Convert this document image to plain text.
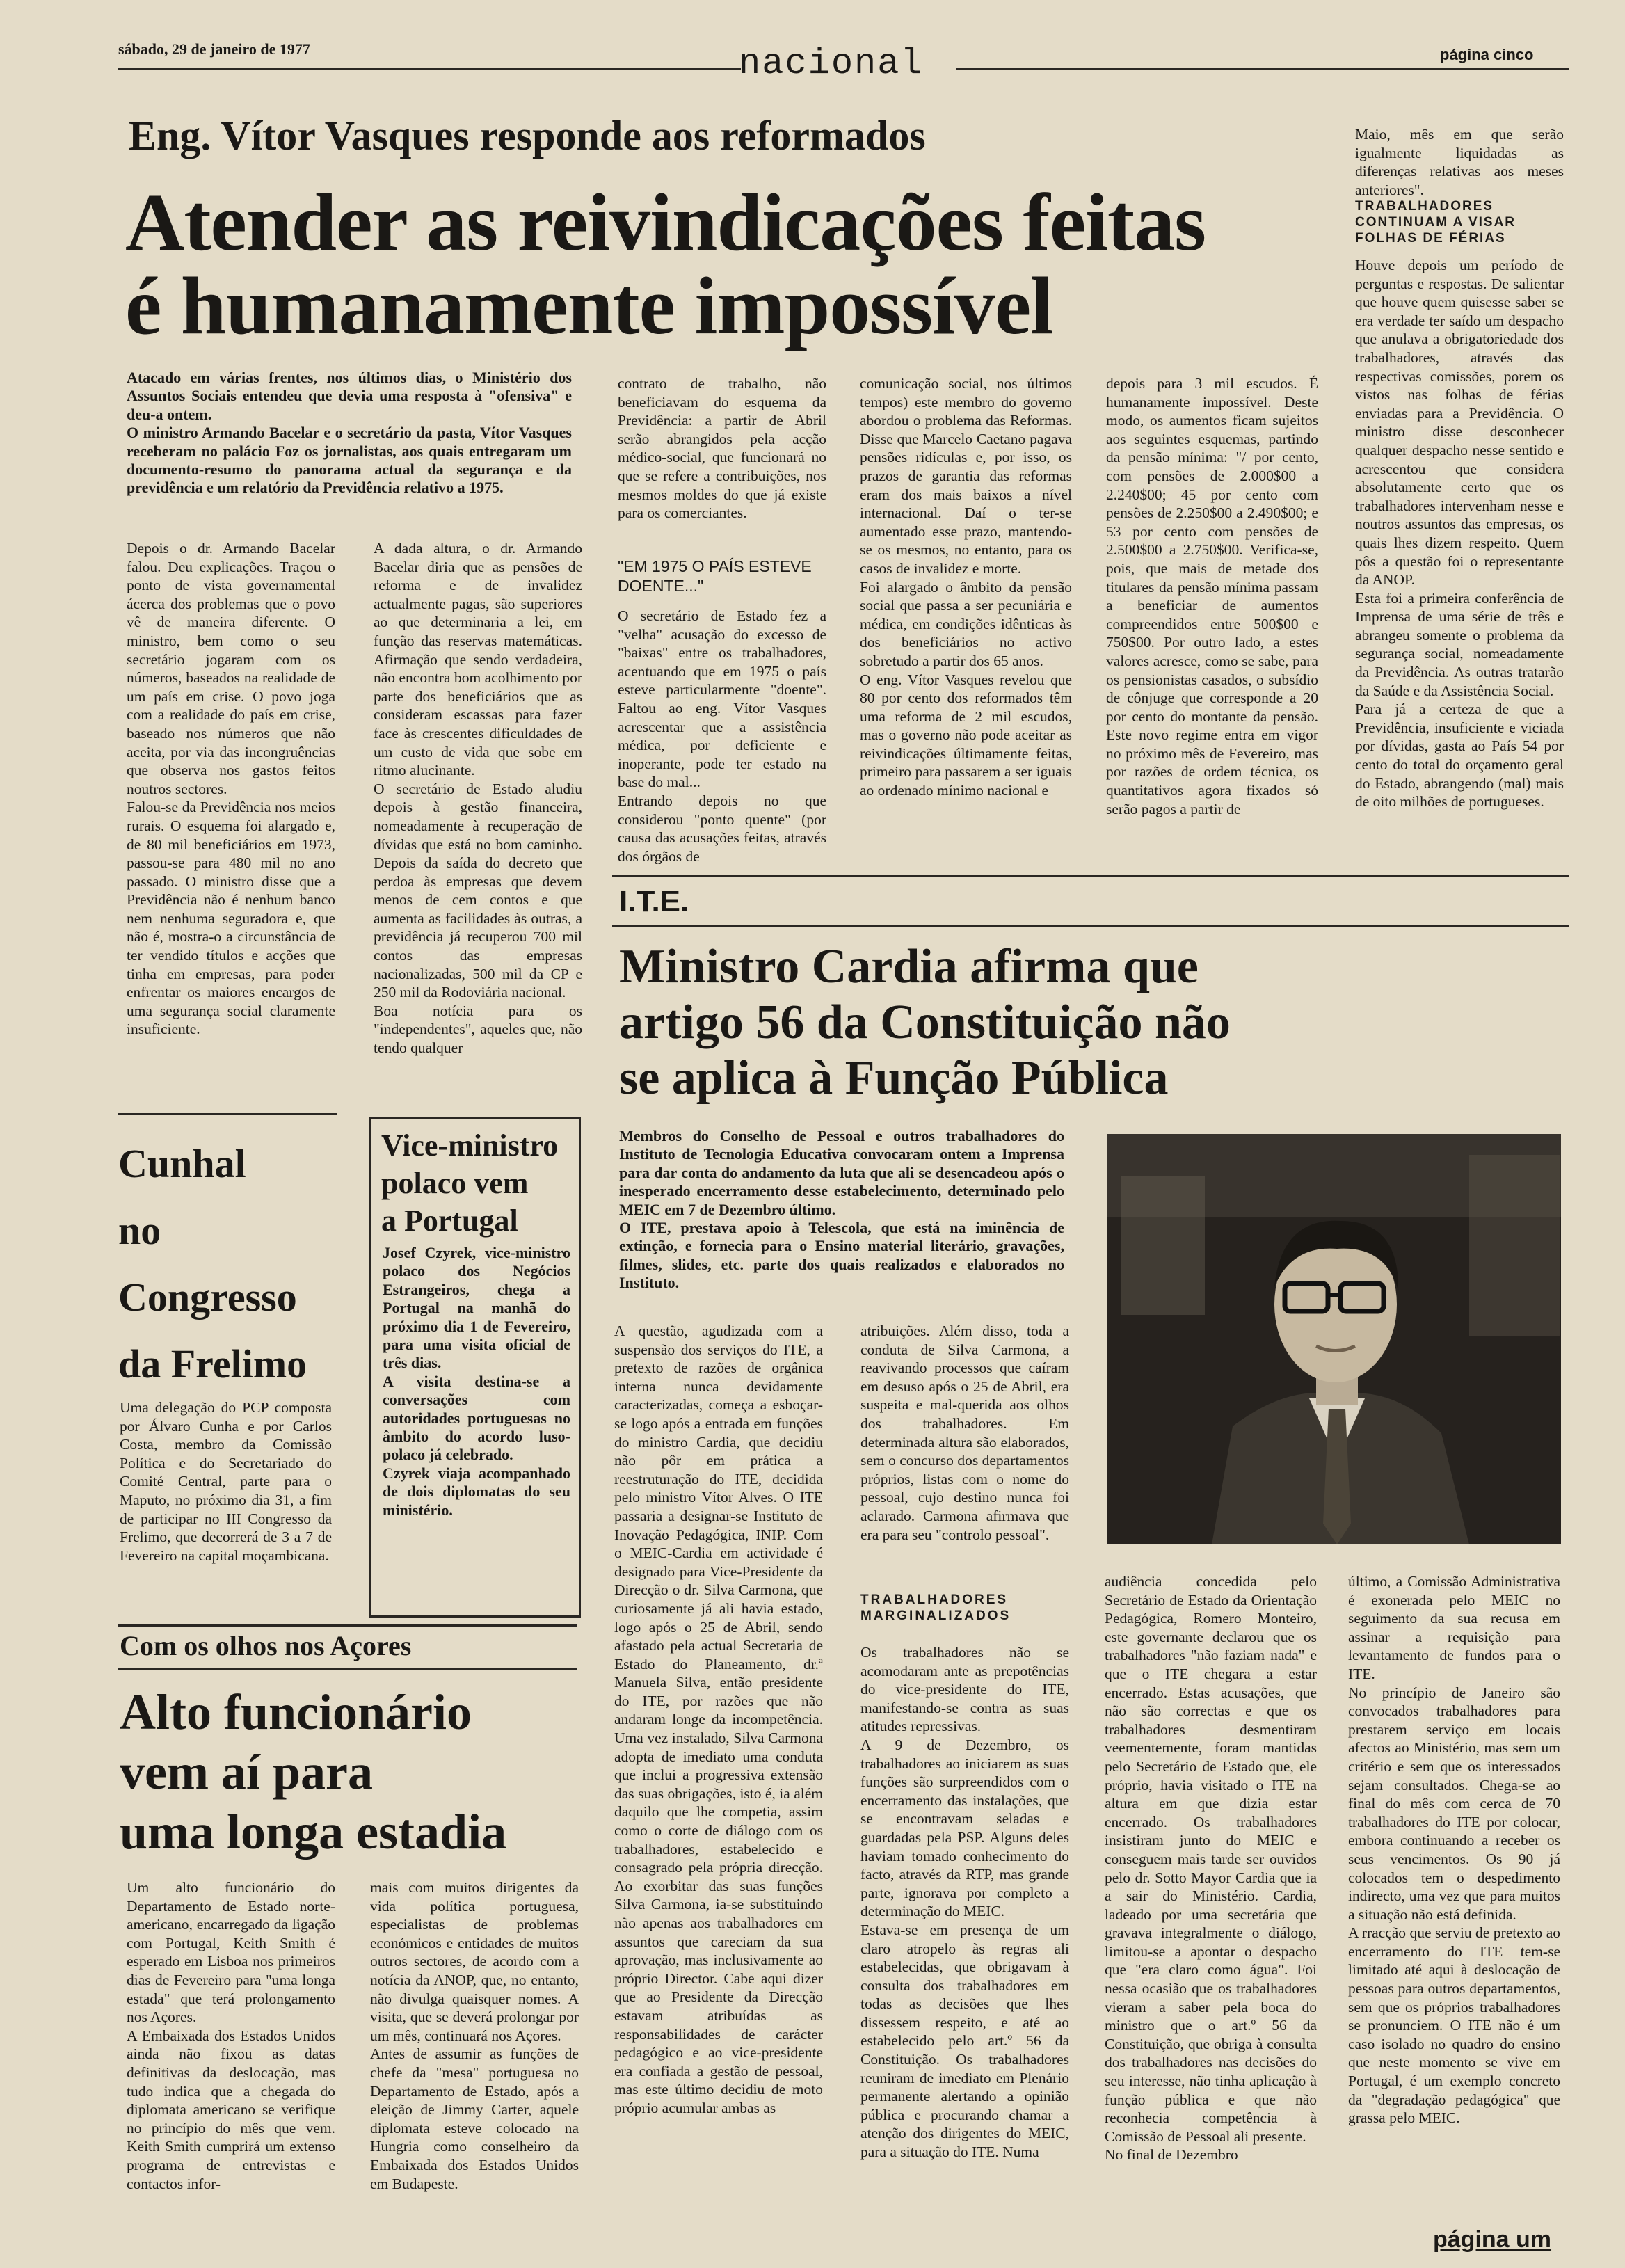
sábado, 29 de janeiro de 1977	nacional	página cinco
Eng. Vítor Vasques responde aos reformados
Atender as reivindicações feitas
é humanamente impossível
Atacado em várias frentes, nos últimos dias, o Ministério dos Assuntos Sociais entendeu que devia uma resposta à "ofensiva" e deu-a ontem.
O ministro Armando Bacelar e o secretário da pasta, Vítor Vasques receberam no palácio Foz os jornalistas, aos quais entregaram um documento-resumo do panorama actual da segurança e da previdência e um relatório da Previdência relativo a 1975.
Depois o dr. Armando Bacelar falou. Deu explicações. Traçou o ponto de vista governamental ácerca dos problemas que o povo vê de maneira diferente. O ministro, bem como o seu secretário jogaram com os números, baseados na realidade de um país em crise. O povo joga com a realidade do país em crise, baseado nos números que não aceita, por via das incongruências que observa nos gastos feitos noutros sectores.
Falou-se da Previdência nos meios rurais. O esquema foi alargado e, de 80 mil beneficiários em 1973, passou-se para 480 mil no ano passado. O ministro disse que a Previdência não é nenhum banco nem nenhuma seguradora e, que não é, mostra-o a circunstância de ter vendido títulos e acções que tinha em empresas, para poder enfrentar os maiores encargos de uma segurança social claramente insuficiente.
A dada altura, o dr. Armando Bacelar diria que as pensões de reforma e de invalidez actualmente pagas, são superiores ao que determinaria a lei, em função das reservas matemáticas. Afirmação que sendo verdadeira, não encontra bom acolhimento por parte dos beneficiários que as consideram escassas para fazer face às crescentes dificuldades de um custo de vida que sobe em ritmo alucinante.
O secretário de Estado aludiu depois à gestão financeira, nomeadamente à recuperação de dívidas que está no bom caminho. Depois da saída do decreto que perdoa às empresas que devem menos de cem contos e que aumenta as facilidades às outras, a previdência já recuperou 700 mil contos das empresas nacionalizadas, 500 mil da CP e 250 mil da Rodoviária nacional.
Boa notícia para os "independentes", aqueles que, não tendo qualquer
contrato de trabalho, não beneficiavam do esquema da Previdência: a partir de Abril serão abrangidos pela acção médico-social, que funcionará no que se refere a contribuições, nos mesmos moldes do que já existe para os comerciantes.
"EM 1975 O PAÍS ESTEVE DOENTE..."
O secretário de Estado fez a "velha" acusação do excesso de "baixas" entre os trabalhadores, acentuando que em 1975 o país esteve particularmente "doente". Faltou ao eng. Vítor Vasques acrescentar que a assistência médica, por deficiente e inoperante, pode ter estado na base do mal...
Entrando depois no que considerou "ponto quente" (por causa das acusações feitas, através dos órgãos de
comunicação social, nos últimos tempos) este membro do governo abordou o problema das Reformas. Disse que Marcelo Caetano pagava pensões ridículas e, por isso, os prazos de garantia das reformas eram dos mais baixos a nível internacional. Daí o ter-se aumentado esse prazo, mantendo-se os mesmos, no entanto, para os casos de invalidez e morte.
Foi alargado o âmbito da pensão social que passa a ser pecuniária e médica, em condições idênticas às dos beneficiários no activo sobretudo a partir dos 65 anos.
O eng. Vítor Vasques revelou que 80 por cento dos reformados têm uma reforma de 2 mil escudos, mas o governo não pode aceitar as reivindicações últimamente feitas, primeiro para passarem a ser iguais ao ordenado mínimo nacional e
depois para 3 mil escudos. É humanamente impossível. Deste modo, os aumentos ficam sujeitos aos seguintes esquemas, partindo da pensão mínima: "/ por cento, com pensões de 2.000$00 a 2.240$00; 45 por cento com pensões de 2.250$00 a 2.490$00; e 53 por cento com pensões de 2.500$00 a 2.750$00. Verifica-se, pois, que mais de metade dos titulares da pensão mínima passam a beneficiar de aumentos compreendidos entre 500$00 e 750$00. Por outro lado, a estes valores acresce, como se sabe, para os pensionistas casados, o subsídio de cônjuge que corresponde a 20 por cento do montante da pensão. Este novo regime entra em vigor no próximo mês de Fevereiro, mas por razões de ordem técnica, os quantitativos agora fixados só serão pagos a partir de
Maio, mês em que serão igualmente liquidadas as diferenças relativas aos meses anteriores".
TRABALHADORES CONTINUAM A VISAR FOLHAS DE FÉRIAS
Houve depois um período de perguntas e respostas. De salientar que houve quem quisesse saber se era verdade ter saído um despacho que anulava a obrigatoriedade dos trabalhadores, através das respectivas comissões, porem os vistos nas folhas de férias enviadas para a Previdência. O ministro disse desconhecer qualquer despacho nesse sentido e acrescentou que considera absolutamente certo que os trabalhadores intervenham nesse e noutros assuntos das empresas, os quais lhes dizem respeito. Quem pôs a questão foi o representante da ANOP.
Esta foi a primeira conferência de Imprensa de uma série de três e abrangeu somente o problema da segurança social, nomeadamente da Previdência. As outras tratarão da Saúde e da Assistência Social.
Para já a certeza de que a Previdência, insuficiente e viciada por dívidas, gasta ao País 54 por cento do total do orçamento geral do Estado, abrangendo (mal) mais de oito milhões de portugueses.
Cunhal
no
Congresso
da Frelimo
Uma delegação do PCP composta por Álvaro Cunha e por Carlos Costa, membro da Comissão Política e do Secretariado do Comité Central, parte para o Maputo, no próximo dia 31, a fim de participar no III Congresso da Frelimo, que decorrerá de 3 a 7 de Fevereiro na capital moçambicana.
Vice-ministro
polaco vem
a Portugal
Josef Czyrek, vice-ministro polaco dos Negócios Estrangeiros, chega a Portugal na manhã do próximo dia 1 de Fevereiro, para uma visita oficial de três dias.
A visita destina-se a conversações com autoridades portuguesas no âmbito do acordo luso-polaco já celebrado.
Czyrek viaja acompanhado de dois diplomatas do seu ministério.
Com os olhos nos Açores
Alto funcionário
vem aí para
uma longa estadia
Um alto funcionário do Departamento de Estado norte-americano, encarregado da ligação com Portugal, Keith Smith é esperado em Lisboa nos primeiros dias de Fevereiro para "uma longa estada" que terá prolongamento nos Açores.
A Embaixada dos Estados Unidos ainda não fixou as datas definitivas da deslocação, mas tudo indica que a chegada do diplomata americano se verifique no princípio do mês que vem. Keith Smith cumprirá um extenso programa de entrevistas e contactos infor-
mais com muitos dirigentes da vida política portuguesa, especialistas de problemas económicos e entidades de muitos outros sectores, de acordo com a notícia da ANOP, que, no entanto, não divulga quaisquer nomes. A visita, que se deverá prolongar por um mês, continuará nos Açores.
Antes de assumir as funções de chefe da "mesa" portuguesa no Departamento de Estado, após a eleição de Jimmy Carter, aquele diplomata esteve colocado na Hungria como conselheiro da Embaixada dos Estados Unidos em Budapeste.
I.T.E.
Ministro Cardia afirma que
artigo 56 da Constituição não
se aplica à Função Pública
Membros do Conselho de Pessoal e outros trabalhadores do Instituto de Tecnologia Educativa convocaram ontem a Imprensa para dar conta do andamento da luta que ali se desencadeou após o inesperado encerramento desse estabelecimento, determinado pelo MEIC em 7 de Dezembro último.
O ITE, prestava apoio à Telescola, que está na iminência de extinção, e fornecia para o Ensino material literário, gravações, filmes, slides, etc. parte dos quais realizados e elaborados no Instituto.
A questão, agudizada com a suspensão dos serviços do ITE, a pretexto de razões de orgânica interna nunca devidamente caracterizadas, começa a esboçar-se logo após a entrada em funções do ministro Cardia, que decidiu não pôr em prática a reestruturação do ITE, decidida pelo ministro Vítor Alves. O ITE passaria a designar-se Instituto de Inovação Pedagógica, INIP. Com o MEIC-Cardia em actividade é designado para Vice-Presidente da Direcção o dr. Silva Carmona, que curiosamente já ali havia estado, logo após o 25 de Abril, sendo afastado pela actual Secretaria de Estado do Planeamento, dr.ª Manuela Silva, então presidente do ITE, por razões que não andaram longe da incompetência. Uma vez instalado, Silva Carmona adopta de imediato uma conduta que inclui a progressiva extensão das suas obrigações, isto é, ia além daquilo que lhe competia, assim como o corte de diálogo com os trabalhadores, estabelecido e consagrado pela própria direcção. Ao exorbitar das suas funções Silva Carmona, ia-se substituindo não apenas aos trabalhadores em assuntos que careciam da sua aprovação, mas inclusivamente ao próprio Director. Cabe aqui dizer que ao Presidente da Direcção estavam atribuídas as responsabilidades de carácter pedagógico e ao vice-presidente era confiada a gestão de pessoal, mas este último decidiu de moto próprio acumular ambas as
atribuições. Além disso, toda a conduta de Silva Carmona, a reavivando processos que caíram em desuso após o 25 de Abril, era suspeita e mal-querida aos olhos dos trabalhadores. Em determinada altura são elaborados, sem o concurso dos departamentos próprios, listas com o nome do pessoal, cujo destino nunca foi aclarado. Carmona afirmava que era para seu "controlo pessoal".
TRABALHADORES
MARGINALIZADOS
Os trabalhadores não se acomodaram ante as prepotências do vice-presidente do ITE, manifestando-se contra as suas atitudes repressivas.
A 9 de Dezembro, os trabalhadores ao iniciarem as suas funções são surpreendidos com o encerramento das instalações, que se encontravam seladas e guardadas pela PSP. Alguns deles haviam tomado conhecimento do facto, através da RTP, mas grande parte, ignorava por completo a determinação do MEIC.
Estava-se em presença de um claro atropelo às regras ali estabelecidas, que obrigavam à consulta dos trabalhadores em todas as decisões que lhes dissessem respeito, e até ao estabelecido pelo art.º 56 da Constituição. Os trabalhadores reuniram de imediato em Plenário permanente alertando a opinião pública e procurando chamar a atenção dos dirigentes do MEIC, para a situação do ITE. Numa
audiência concedida pelo Secretário de Estado da Orientação Pedagógica, Romero Monteiro, este governante declarou que os trabalhadores "não faziam nada" e que o ITE chegara a estar encerrado. Estas acusações, que não são correctas e que os trabalhadores desmentiram veementemente, foram mantidas pelo Secretário de Estado que, ele próprio, havia visitado o ITE na altura em que dizia estar encerrado. Os trabalhadores insistiram junto do MEIC e conseguem mais tarde ser ouvidos pelo dr. Sotto Mayor Cardia que ia a sair do Ministério. Cardia, ladeado por uma secretária que gravava integralmente o diálogo, limitou-se a apontar o despacho que "era claro como água". Foi nessa ocasião que os trabalhadores vieram a saber pela boca do ministro que o art.º 56 da Constituição, que obriga à consulta dos trabalhadores nas decisões do seu interesse, não tinha aplicação à função pública e que não reconhecia competência à Comissão de Pessoal ali presente.
No final de Dezembro
último, a Comissão Administrativa é exonerada pelo MEIC no seguimento da sua recusa em assinar a requisição para levantamento de fundos para o ITE.
No princípio de Janeiro são convocados trabalhadores para prestarem serviço em locais afectos ao Ministério, mas sem um critério e sem que os interessados sejam consultados. Chega-se ao final do mês com cerca de 70 trabalhadores do ITE por colocar, embora continuando a receber os seus vencimentos. Os 90 já colocados tem o despedimento indirecto, uma vez que para muitos a situação não está definida.
A rracção que serviu de pretexto ao encerramento do ITE tem-se limitado até aqui à deslocação de pessoas para outros departamentos, sem que os próprios trabalhadores se pronunciem. O ITE não é um caso isolado no quadro do ensino que neste momento se vive em Portugal, é um exemplo concreto da "degradação pedagógica" que grassa pelo MEIC.
página um
